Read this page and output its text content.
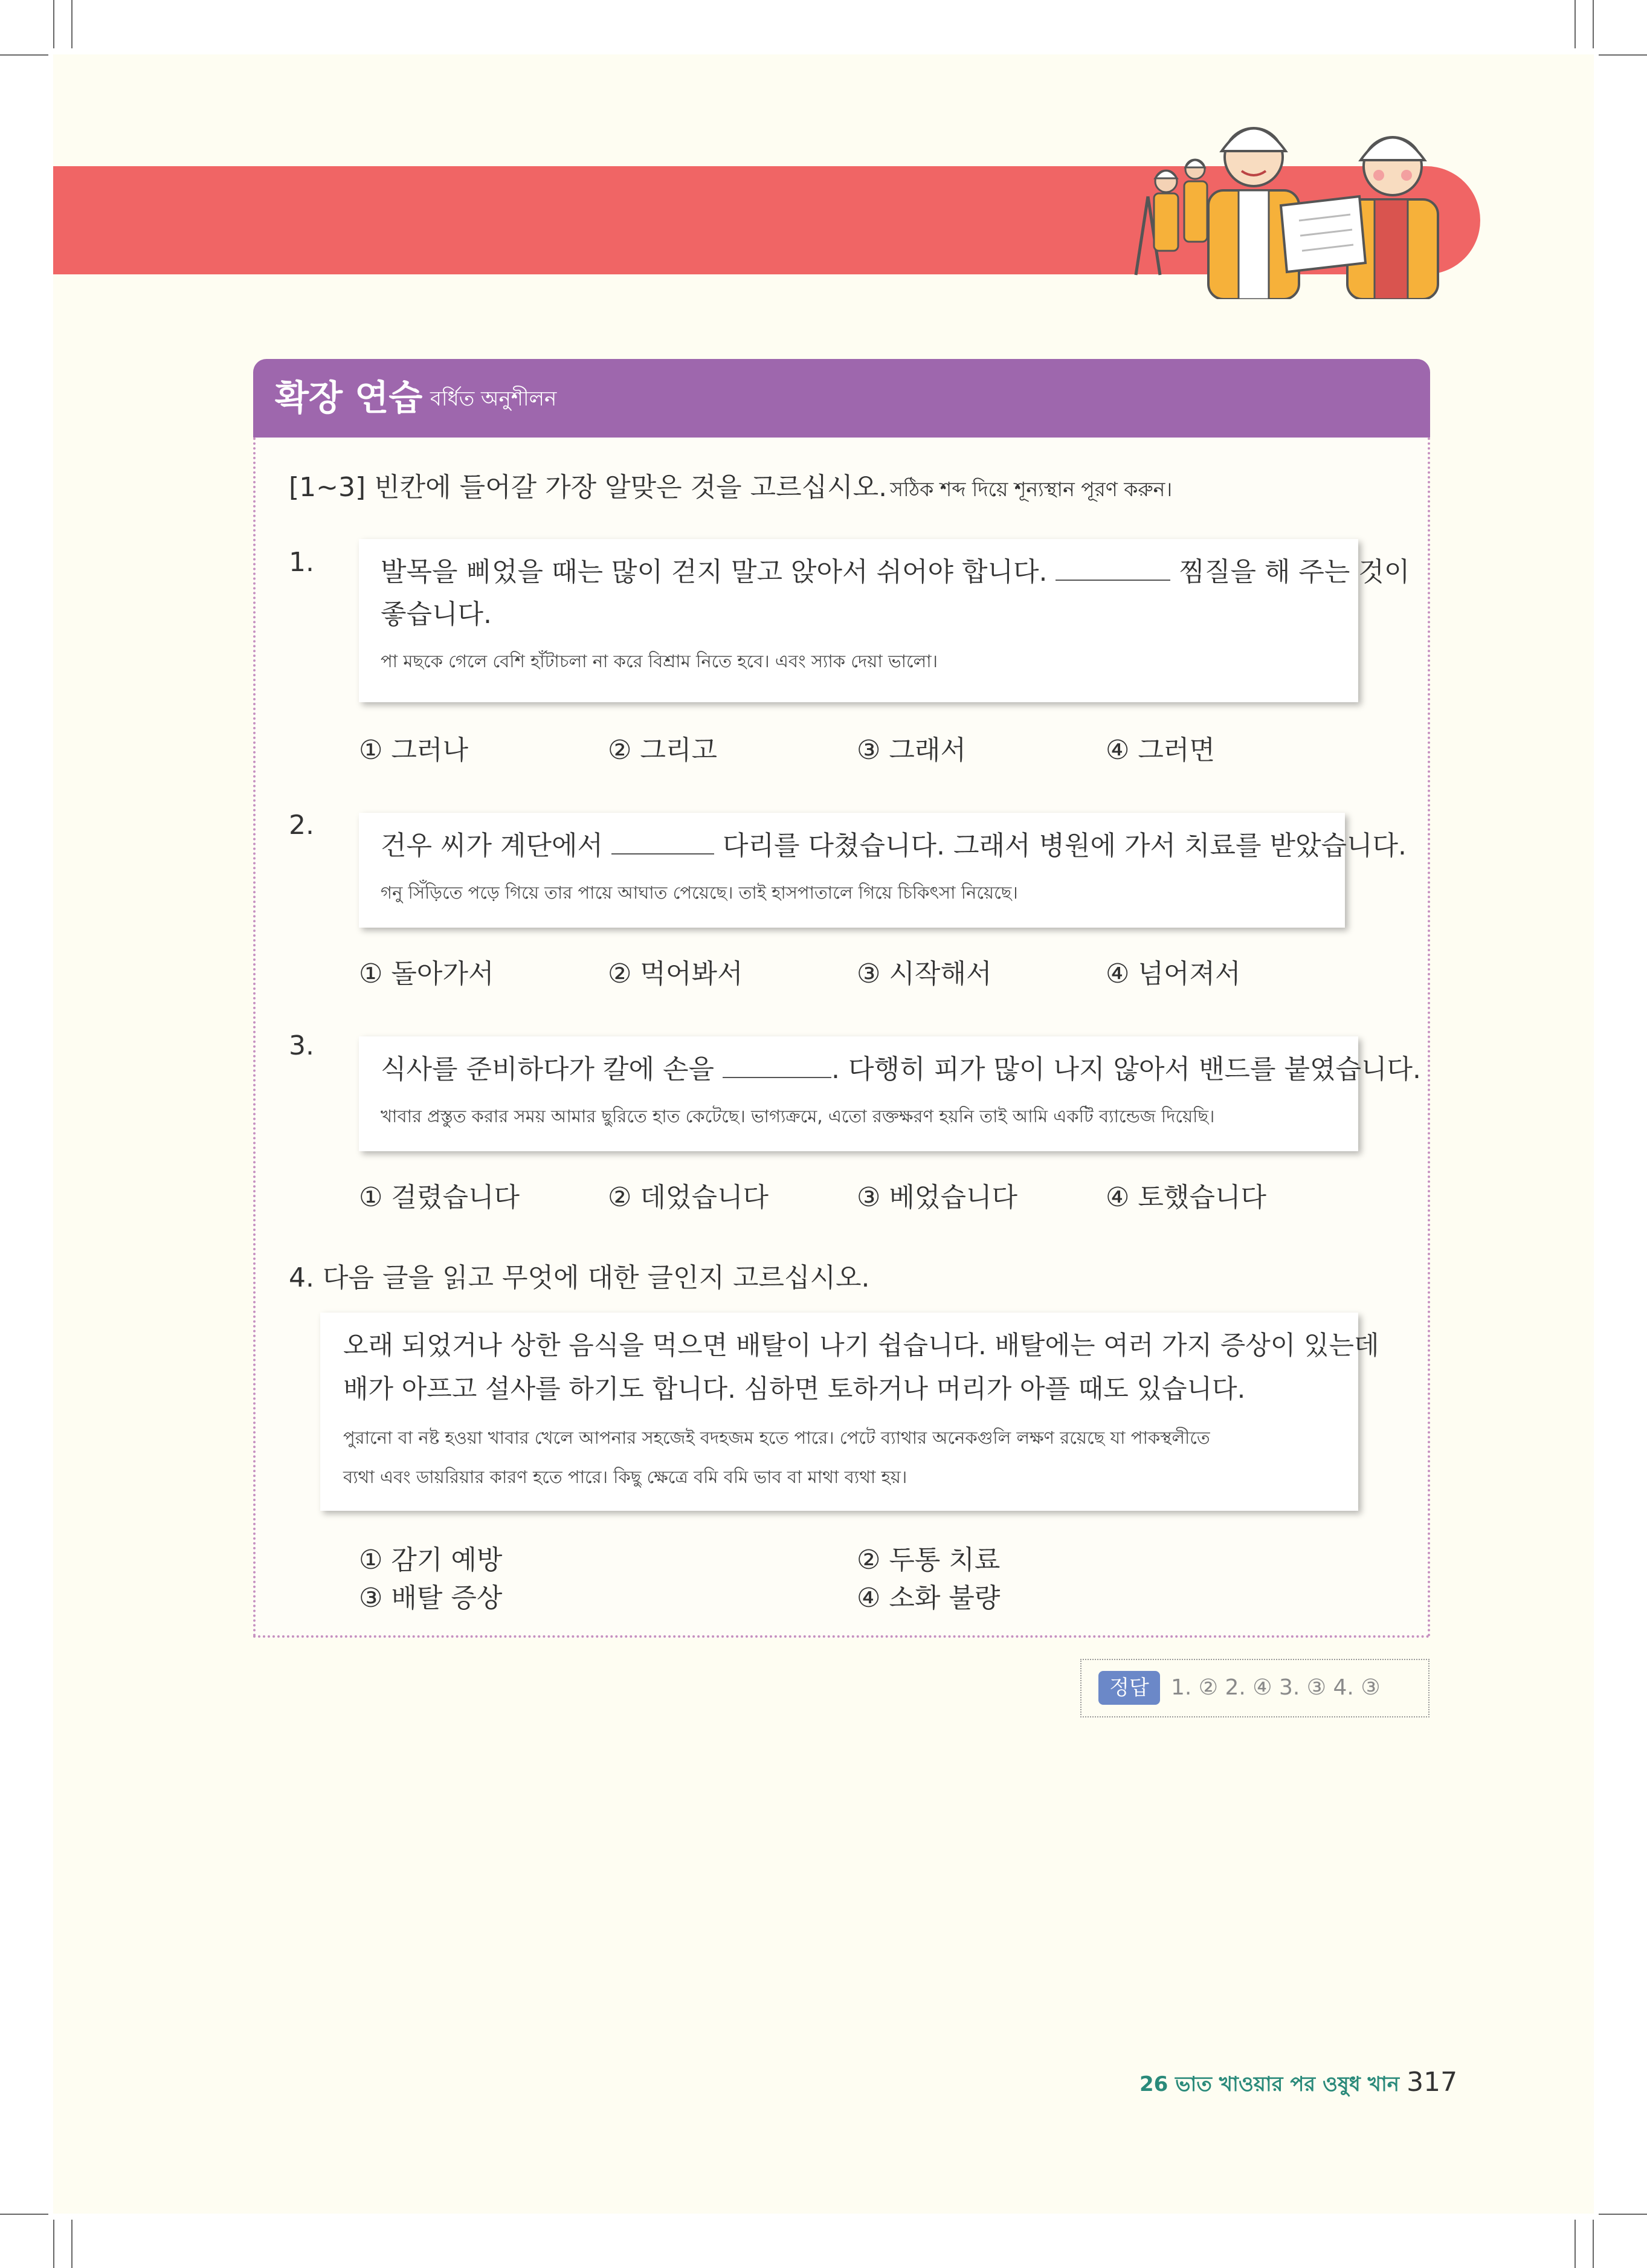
확장 연습 বর্ধিত অনুশীলন
[1~3] 빈칸에 들어갈 가장 알맞은 것을 고르십시오. সঠিক শব্দ দিয়ে শূন্যস্থান পূরণ করুন।
1.	발목을 삐었을 때는 많이 걷지 말고 앉아서 쉬어야 합니다.	찜질을 해 주는 것이
좋습니다.
পা মছকে গেলে বেশি হাঁটাচলা না করে বিশ্রাম নিতে হবে। এবং স্যাক দেয়া ভালো।
① 그러나	② 그리고	③ 그래서	④ 그러면
2.
건우 씨가 계단에서	다리를 다쳤습니다. 그래서 병원에 가서 치료를 받았습니다.
গনু সিঁড়িতে পড়ে গিয়ে তার পায়ে আঘাত পেয়েছে। তাই হাসপাতালে গিয়ে চিকিৎসা নিয়েছে।
① 돌아가서	② 먹어봐서	③ 시작해서	④ 넘어져서
3.
식사를 준비하다가 칼에 손을	. 다행히 피가 많이 나지 않아서 밴드를 붙였습니다.
খাবার প্রস্তুত করার সময় আমার ছুরিতে হাত কেটেছে। ভাগ্যক্রমে, এতো রক্তক্ষরণ হয়নি তাই আমি একটি ব্যান্ডেজ দিয়েছি।
① 걸렸습니다	② 데었습니다	③ 베었습니다	④ 토했습니다
4. 다음 글을 읽고 무엇에 대한 글인지 고르십시오.
오래 되었거나 상한 음식을 먹으면 배탈이 나기 쉽습니다. 배탈에는 여러 가지 증상이 있는데
배가 아프고 설사를 하기도 합니다. 심하면 토하거나 머리가 아플 때도 있습니다.
পুরানো বা নষ্ট হওয়া খাবার খেলে আপনার সহজেই বদহজম হতে পারে। পেটে ব্যাথার অনেকগুলি লক্ষণ রয়েছে যা পাকস্থলীতে
ব্যথা এবং ডায়রিয়ার কারণ হতে পারে। কিছু ক্ষেত্রে বমি বমি ভাব বা মাথা ব্যথা হয়।
① 감기 예방	② 두통 치료
③ 배탈 증상	④ 소화 불량
정답	1. ② 2. ④ 3. ③ 4. ③
26 ভাত খাওয়ার পর ওষুধ খান 317
